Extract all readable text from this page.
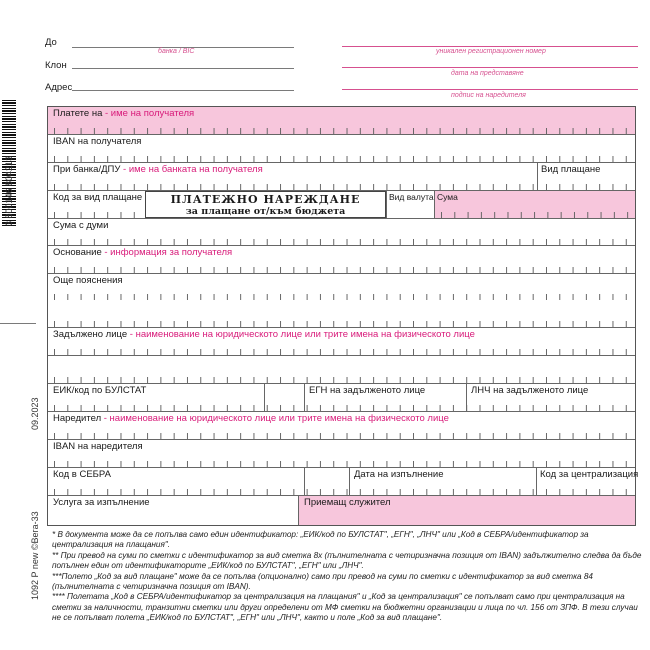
До
банка / BIC
Клон
Адрес
уникален регистрационен номер
дата на представяне
подпис на наредителя
3 800146 804213
09.2023
1092 P new ©Вега-33
Платете на - име на получателя
IBAN на получателя
При банка/ДПУ - име на банката на получателя	Вид плащане
Код за вид плащане	ПЛАТЕЖНО НАРЕЖДАНЕ
за плащане от/към бюджета
Вид валута Сума
Сума с думи
Основание - информация за получателя
Още пояснения
Задължено лице - наименование на юридическото лице или трите имена на физическото лице
ЕИК/код по БУЛСТАТ	ЕГН на задълженото лице	ЛНЧ на задълженото лице
Наредител - наименование на юридическото лице или трите имена на физическото лице
IBAN на наредителя
Код в СЕБРА	Дата на изпълнение	Код за централизация
Услуга за изпълнение	Приемащ служител

* В документа може да се попълва само един идентификатор: „ЕИК/код по БУЛСТАТ", „ЕГН", „ЛНЧ" или „Код в СЕБРА/идентификатор за централизация на плащания".

** При превод на суми по сметки с идентификатор за вид сметка 8х (пълнителната с четиризначна позиция от IBAN) задължително следва да бъде попълнен един от идентификаторите „ЕИК/код по БУЛСТАТ", „ЕГН" или „ЛНЧ".

***Полето „Код за вид плащане" може да се попълва (опционално) само при превод на суми по сметки с идентификатор за вид сметка 84 (пълнителната с четиризначна позиция от IBAN).

**** Полетата „Код в СЕБРА/идентификатор за централизация на плащания" и „Код за централизация" се попълват само при централизация на сметки за наличности, транзитни сметки или други определени от МФ сметки на бюджетни организации и лица по чл. 156 от ЗПФ. В тези случаи не се попълват полета „ЕИК/код по БУЛСТАТ", „ЕГН" или „ЛНЧ", както и поле „Код за вид плащане".
